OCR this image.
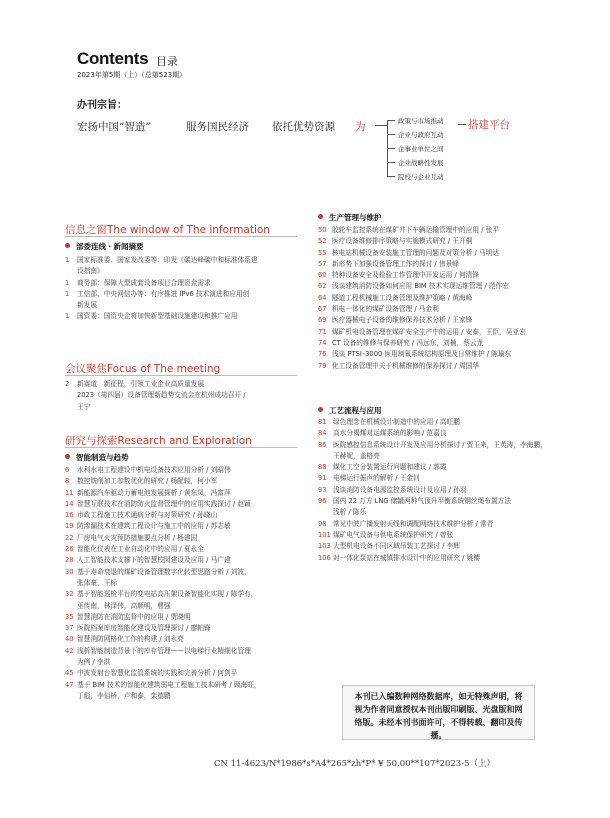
Contents 目录
2023年第5期（上）（总第523期）
办刊宗旨：
宏扬中国“智造”	服务国民经济 依托优势资源 为	政策与市场推动
企业与政府互动
企事业单位之间
企业战略性发展
院校与企业互动
搭建平台
信息之窗The window of The information
部委连线・新闻摘要
1	国家标准委、国家发改委等：印发《碳达峰碳中和标准体系建
设指南》
1	商务部：保障大型成套设备项目合理资金需求
1	工信部、中央网信办等：有序推进 IPv6 技术演进和应用创
新发展
1	国资委：国资央企将加快新型基础设施建设和推广应用
会议聚焦Focus of The meeting
2	新赛道　新征程，引领工业企业高质量发展
2023（第四届）设备管理新趋势交流会在杭州成功召开 /
王宁
研究与探索Research and Exploration
智能制造与趋势
6	水利水电工程建设中机电设备技术应用分析 / 刘昭伟
8	数控铣削加工参数优化的研究 / 杨配轻，柯小军
11 新能源汽车驱动力蓄电池发展探析 / 黄东凤，冯富萍
14 智慧互联技术在消防防火监督管理中的应用实践探讨 / 赵颖
16 市政工程施工技术通病分析与对策研究 / 孙晓山
19 防渗漏技术在建筑工程设计与施工中的应用 / 苏志敏
22 厂房电气火灾预防措施要点分析 / 杨建国
26 智能化仪表在工业自动化中的应用 / 夏永全
28 人工智能技术支撑下的智慧校园建设及应用 / 马广建
30 基于寿命衰退的煤矿设备管理数字化转型思路分析 / 刘波，
张体豪，王标
32 基于智能巡检平台的变电站高压架设备智能化实现 / 陈学有，
巫传南，林泽伟，高顺明，曹强
35 智慧消防在消防监督中的应用 / 贾晓明
37 医院档案库房智能化建设及管理探讨 / 廖帕锋
40 智慧消防网格化工作的构建 / 刘永亮
42 浅析智能制造背景下的库存管理——以电梯行业精细化管理
为例 / 李洪
45 中波发射台智慧化监管系统的实践和完善分析 / 何剑平
47 基于 BIM 技术的智能化建筑弱电工程施工技术研考 / 顾海旺，
丁彪，李佰桥，卢和泰，栾德鹏
生产管理与维护
50 胶轮车监控系统在煤矿井下车辆运输管理中的应用 / 张平
52 医疗设备维修排序策略与实施模式研究 / 王开桐
55 核电站机械设备安装施工管理的问题及对策分析 / 马明达
57 新形势下加强设备管理工作的探讨 / 伟景峰
60 特种设备安全及检验工作管理中开发运用 / 何清锋
62 浅谈建筑消防设备如何应用 BIM 技术实现运维管理 / 范作宏
64 隧道工程机械施工设备管理及维护策略 / 黄海峰
67 机电一体化的煤矿设备管理 / 马金利
69 医疗器械电子设备的维修保养技术分析 / 王家锋
71 煤矿机电设备管理在煤矿安全生产中的运用 / 安泰，王臣，吴亚宏
74 CT 设备的维修与保养研究 / 冯远东，刘楠，蔡云龙
76 浅谈 PTSI–3000 医用制氧系统结构原理及日常维护 / 陈瑜东
79 化工设备管理中关于机械维修的保养探讨 / 周国华
工艺流程与应用
81 绿色理念在机械设计制造中的应用 / 高旺鹏
84 高水分褐煤对运煤系统的影响 / 范嘉良
86 医院感控信息系统设计开发及应用分析探讨 / 贾玉来，王英涛，李海鹏，
王赫妮，盖格亮
88 煤化工空分装置运行问题和建议 / 郭霞
91 电梯运行振声的解析 / 王金钊
93 浅谈消防设备电源监控系统设计及应用 / 孙羽
96 国内 22 万方 LNG 储罐两种气顶升平衡系统钢丝绳布置方法
浅析 / 陈乐
98 常见中波广播发射天线和调配网络技术维护分析 / 常青
101 煤矿电气设备与供电系统保护研究 / 曾张
103 大型机电设备不同区域吊装工艺探讨 / 李辉
106 对一体化泵站在城镇排水设计中的应用研究 / 姚樱
本刊已入编数种网络数据库，如无特殊声明，将视为作者同意授权本刊出版印刷版、光盘版和网络版。未经本刊书面许可，不得转载、翻印及传播。
CN 11-4623/N*1986*s*A4*265*zh*P* ¥ 50.00**107*2023-5（上）
